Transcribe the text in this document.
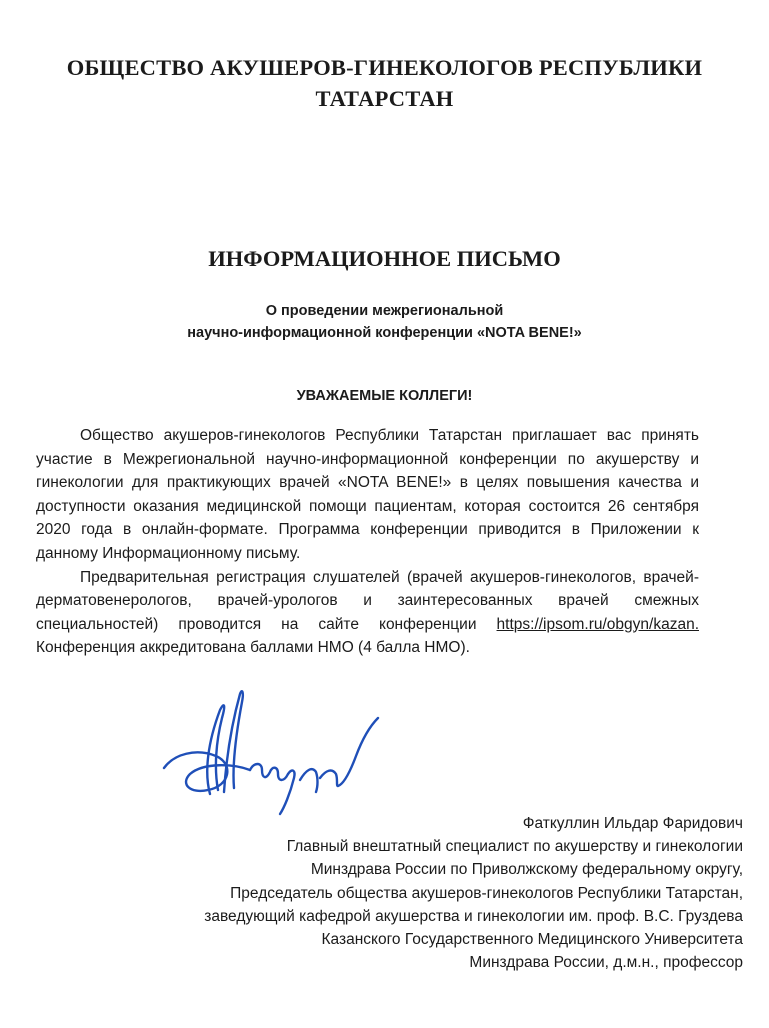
ОБЩЕСТВО АКУШЕРОВ-ГИНЕКОЛОГОВ РЕСПУБЛИКИ
ТАТАРСТАН
ИНФОРМАЦИОННОЕ ПИСЬМО
О проведении межрегиональной
научно-информационной конференции «NOTA BENE!»
УВАЖАЕМЫЕ КОЛЛЕГИ!

Общество акушеров-гинекологов Республики Татарстан приглашает вас принять участие в Межрегиональной научно-информационной конференции по акушерству и гинекологии для практикующих врачей «NOTA BENE!» в целях повышения качества и доступности оказания медицинской помощи пациентам, которая состоится 26 сентября 2020 года в онлайн-формате. Программа конференции приводится в Приложении к данному Информационному письму.

Предварительная регистрация слушателей (врачей акушеров-гинекологов, врачей-дерматовенерологов, врачей-урологов и заинтересованных врачей смежных специальностей) проводится на сайте конференции https://ipsom.ru/obgyn/kazan. Конференция аккредитована баллами НМО (4 балла НМО).

Фаткуллин Ильдар Фаридович
Главный внештатный специалист по акушерству и гинекологии
Минздрава России по Приволжскому федеральному округу,
Председатель общества акушеров-гинекологов Республики Татарстан,
заведующий кафедрой акушерства и гинекологии им. проф. В.С. Груздева
Казанского Государственного Медицинского Университета
Минздрава России, д.м.н., профессор
